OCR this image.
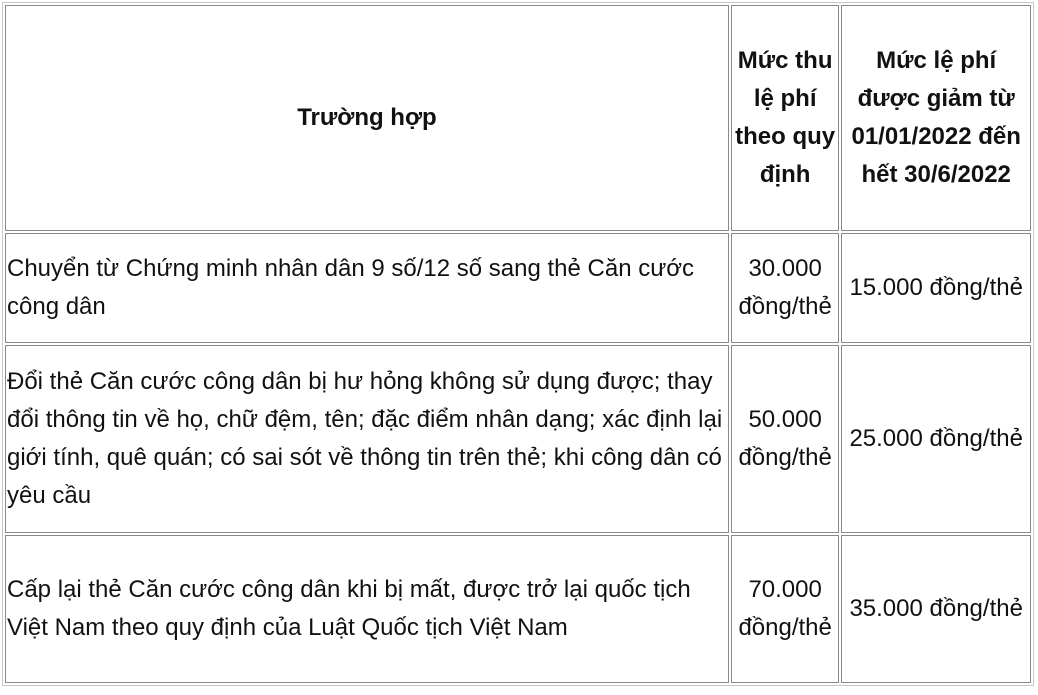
Trường hợp	Mức thu lệ phí theo quy định	Mức lệ phí được giảm từ 01/01/2022 đến hết 30/6/2022
Chuyển từ Chứng minh nhân dân 9 số/12 số sang thẻ Căn cước công dân	30.000 đồng/thẻ	15.000 đồng/thẻ
Đổi thẻ Căn cước công dân bị hư hỏng không sử dụng được; thay đổi thông tin về họ, chữ đệm, tên; đặc điểm nhân dạng; xác định lại giới tính, quê quán; có sai sót về thông tin trên thẻ; khi công dân có yêu cầu	50.000 đồng/thẻ	25.000 đồng/thẻ
Cấp lại thẻ Căn cước công dân khi bị mất, được trở lại quốc tịch Việt Nam theo quy định của Luật Quốc tịch Việt Nam	70.000 đồng/thẻ	35.000 đồng/thẻ
